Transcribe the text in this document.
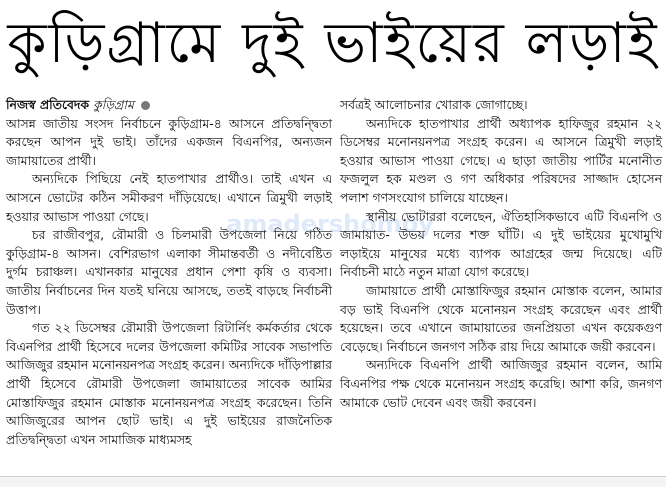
কুড়িগ্রামে দুই ভাইয়ের লড়াই
amadershomoy
নিজস্ব প্রতিবেদক কুড়িগ্রাম

আসন্ন জাতীয় সংসদ নির্বাচনে কুড়িগ্রাম-৪ আসনে প্রতিদ্বন্দ্বিতা করছেন আপন দুই ভাই। তাঁদের একজন বিএনপির, অন্যজন জামায়াতের প্রার্থী।

অন্যদিকে পিছিয়ে নেই হাতপাখার প্রার্থীও। তাই এখন এ আসনে ভোটের কঠিন সমীকরণ দাঁড়িয়েছে। এখানে ত্রিমুখী লড়াই হওয়ার আভাস পাওয়া গেছে।

চর রাজীবপুর, রৌমারী ও চিলমারী উপজেলা নিয়ে গঠিত কুড়িগ্রাম-৪ আসন। বেশিরভাগ এলাকা সীমান্তবর্তী ও নদীবেষ্টিত দুর্গম চরাঞ্চল। এখানকার মানুষের প্রধান পেশা কৃষি ও ব্যবসা। জাতীয় নির্বাচনের দিন যতই ঘনিয়ে আসছে, ততই বাড়ছে নির্বাচনী উত্তাপ।

গত ২২ ডিসেম্বর রৌমারী উপজেলা রিটার্নিং কর্মকর্তার থেকে বিএনপির প্রার্থী হিসেবে দলের উপজেলা কমিটির সাবেক সভাপতি আজিজুর রহমান মনোনয়নপত্র সংগ্রহ করেন। অন্যদিকে দাঁড়িপাল্লার প্রার্থী হিসেবে রৌমারী উপজেলা জামায়াতের সাবেক আমির মোস্তাফিজুর রহমান মোস্তাক মনোনয়নপত্র সংগ্রহ করেছেন। তিনি আজিজুরের আপন ছোট ভাই। এ দুই ভাইয়ের রাজনৈতিক প্রতিদ্বন্দ্বিতা এখন সামাজিক মাধ্যমসহ

সর্বত্রই আলোচনার খোরাক জোগাচ্ছে।

অন্যদিকে হাতপাখার প্রার্থী অধ্যাপক হাফিজুর রহমান ২২ ডিসেম্বর মনোনয়নপত্র সংগ্রহ করেন। এ আসনে ত্রিমুখী লড়াই হওয়ার আভাস পাওয়া গেছে। এ ছাড়া জাতীয় পার্টির মনোনীত ফজলুল হক মণ্ডল ও গণ অধিকার পরিষদের সাজ্জাদ হোসেন পলাশ গণসংযোগ চালিয়ে যাচ্ছেন।

স্থানীয় ভোটাররা বলেছেন, ঐতিহাসিকভাবে এটি বিএনপি ও জামায়াত- উভয় দলের শক্ত ঘাঁটি। এ দুই ভাইয়ের মুখোমুখি লড়াইয়ে মানুষের মধ্যে ব্যাপক আগ্রহের জন্ম দিয়েছে। এটি নির্বাচনী মাঠে নতুন মাত্রা যোগ করেছে।

জামায়াতে প্রার্থী মোস্তাফিজুর রহমান মোস্তাক বলেন, আমার বড় ভাই বিএনপি থেকে মনোনয়ন সংগ্রহ করেছেন এবং প্রার্থী হয়েছেন। তবে এখানে জামায়াতের জনপ্রিয়তা এখন কয়েকগুণ বেড়েছে। নির্বাচনে জনগণ সঠিক রায় দিয়ে আমাকে জয়ী করবেন।

অন্যদিকে বিএনপি প্রার্থী আজিজুর রহমান বলেন, আমি বিএনপির পক্ষ থেকে মনোনয়ন সংগ্রহ করেছি। আশা করি, জনগণ আমাকে ভোট দেবেন এবং জয়ী করবেন।
